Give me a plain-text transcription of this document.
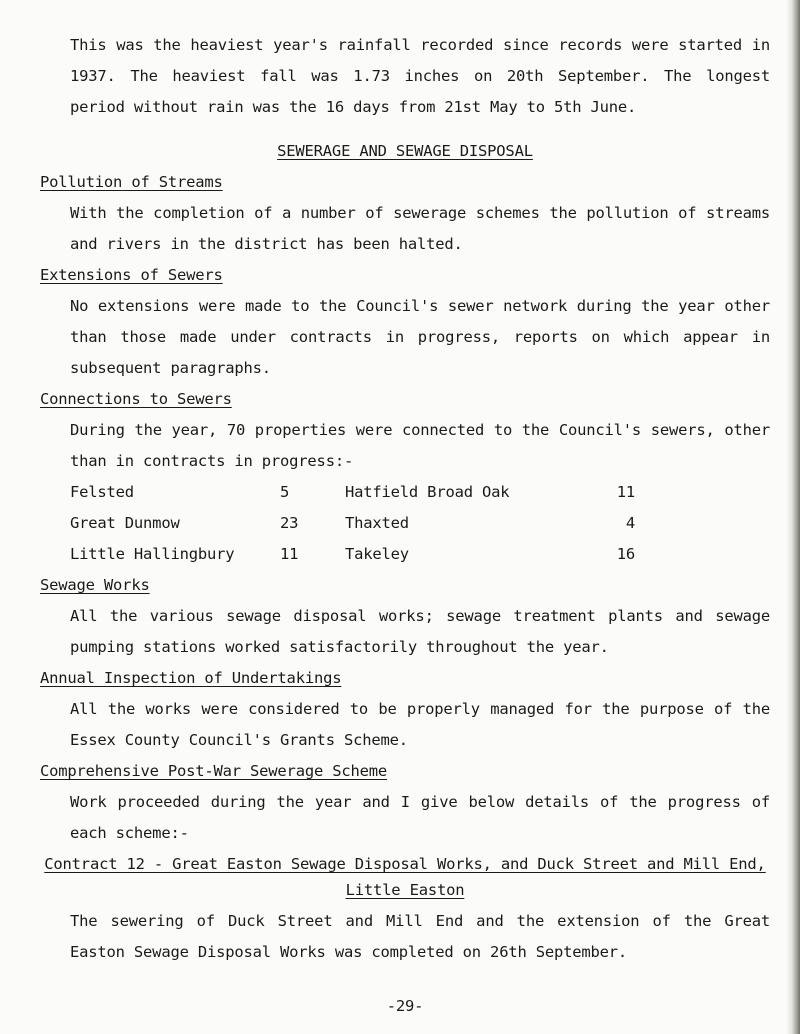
This was the heaviest year's rainfall recorded since records were started in 1937. The heaviest fall was 1.73 inches on 20th September. The longest period without rain was the 16 days from 21st May to 5th June.

SEWERAGE AND SEWAGE DISPOSAL

Pollution of Streams

With the completion of a number of sewerage schemes the pollution of streams and rivers in the district has been halted.

Extensions of Sewers

No extensions were made to the Council's sewer network during the year other than those made under contracts in progress, reports on which appear in subsequent paragraphs.

Connections to Sewers

During the year, 70 properties were connected to the Council's sewers, other than in contracts in progress:-

Felsted	5	Hatfield Broad Oak	11
Great Dunmow	23	Thaxted	4
Little Hallingbury	11	Takeley	16

Sewage Works

All the various sewage disposal works; sewage treatment plants and sewage pumping stations worked satisfactorily throughout the year.

Annual Inspection of Undertakings

All the works were considered to be properly managed for the purpose of the Essex County Council's Grants Scheme.

Comprehensive Post-War Sewerage Scheme

Work proceeded during the year and I give below details of the progress of each scheme:-

Contract 12 - Great Easton Sewage Disposal Works, and Duck Street and Mill End,

Little Easton

The sewering of Duck Street and Mill End and the extension of the Great Easton Sewage Disposal Works was completed on 26th September.

-29-
